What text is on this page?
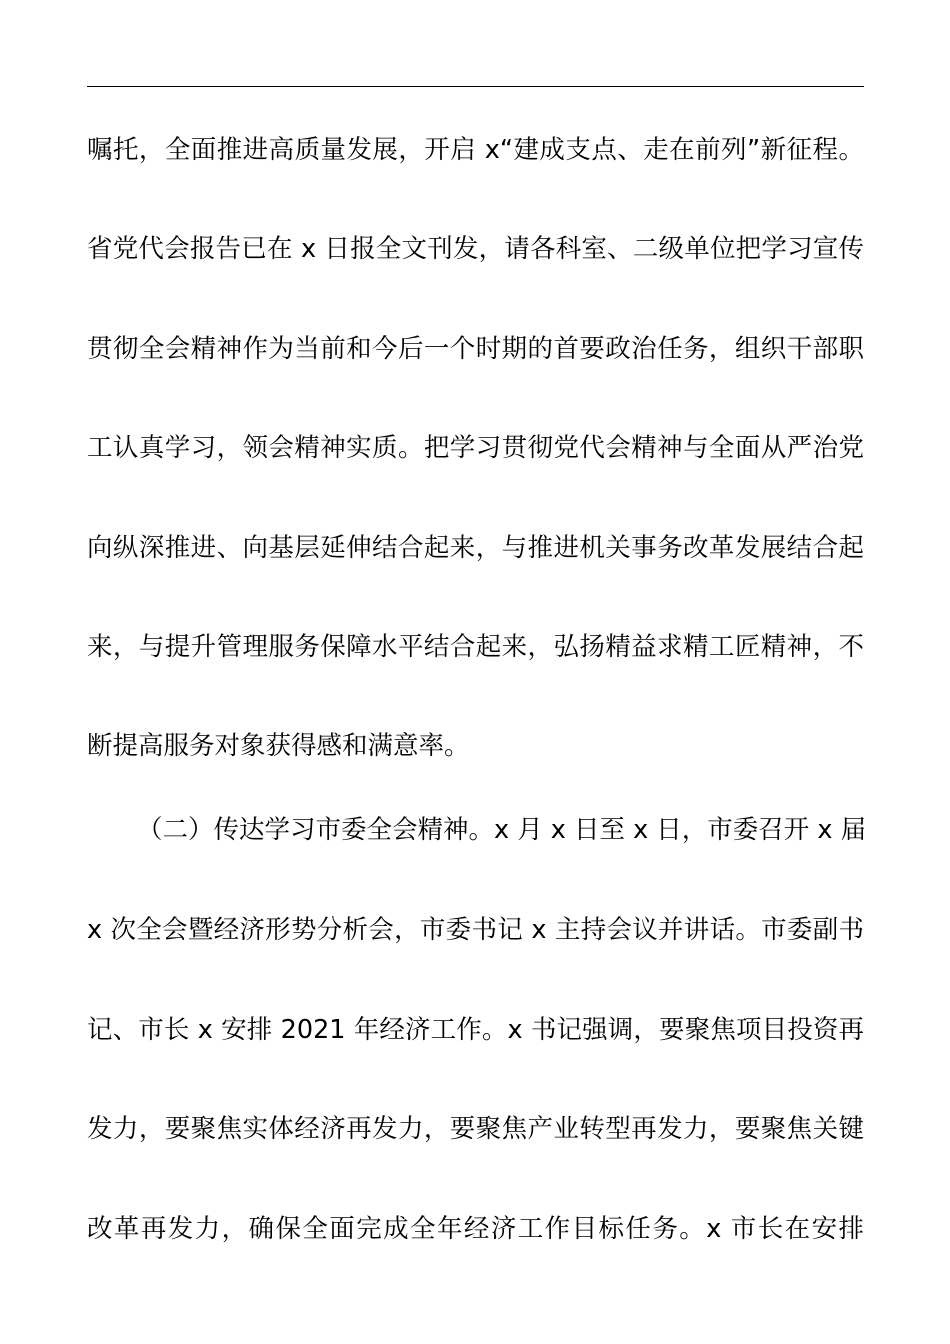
嘱托，全面推进高质量发展，开启 x“建成支点、走在前列”新征程。
省党代会报告已在 x 日报全文刊发，请各科室、二级单位把学习宣传
贯彻全会精神作为当前和今后一个时期的首要政治任务，组织干部职
工认真学习，领会精神实质。把学习贯彻党代会精神与全面从严治党
向纵深推进、向基层延伸结合起来，与推进机关事务改革发展结合起
来，与提升管理服务保障水平结合起来，弘扬精益求精工匠精神，不
断提高服务对象获得感和满意率。
（二）传达学习市委全会精神。x 月 x 日至 x 日，市委召开 x 届
x 次全会暨经济形势分析会，市委书记 x 主持会议并讲话。市委副书
记、市长 x 安排 2021 年经济工作。x 书记强调，要聚焦项目投资再
发力，要聚焦实体经济再发力，要聚焦产业转型再发力，要聚焦关键
改革再发力，确保全面完成全年经济工作目标任务。x 市长在安排
